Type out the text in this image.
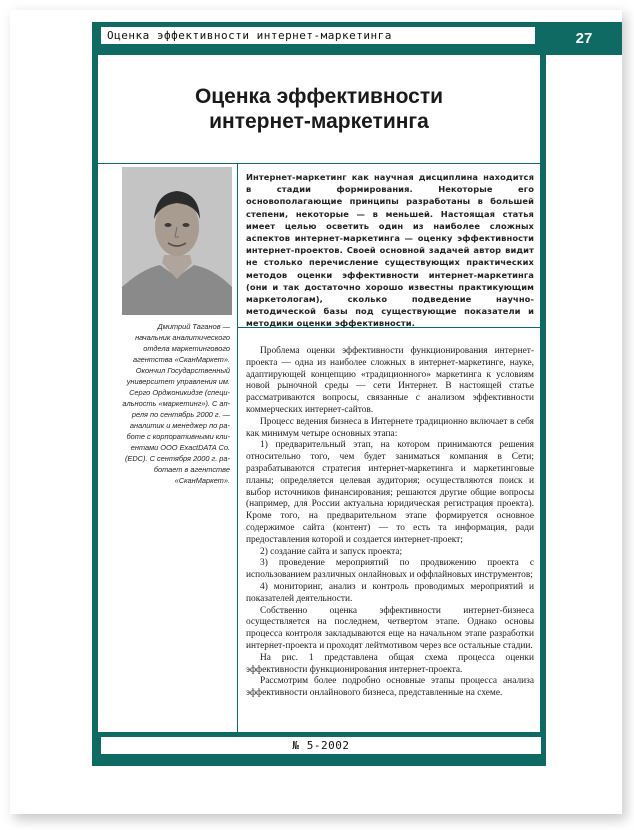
Оценка эффективности интернет-маркетинга	27
Оценка эффективности
интернет-маркетинга

Дмитрий Таганов —

начальник аналитического

отдела маркетингового

агентства «СканМаркет».

Окончил Государственный

университет управления им.

Серго Орджоникидзе (специ-

альность «маркетинг»). С ап-

реля по сентябрь 2000 г. —

аналитик и менеджер по ра-

боте с корпоративными кли-

ентами ООО ExactDATA Co.

(EDC). С сентября 2000 г. ра-

ботает в агентстве

«СканМаркет».

Интернет-маркетинг как научная дисциплина находится в стадии формирования. Некоторые его основополагающие принципы разработаны в большей степени, некоторые — в меньшей. Настоящая статья имеет целью осветить один из наиболее сложных аспектов интернет-маркетинга — оценку эффективности интернет-проектов. Своей основной задачей автор видит не столько перечисление существующих практических методов оценки эффективности интернет-маркетинга (они и так достаточно хорошо известны практикующим маркетологам), сколько подведение научно-методической базы под существующие показатели и методики оценки эффективности.

Проблема оценки эффективности функционирования интернет-проекта — одна из наиболее сложных в интернет-маркетинге, науке, адаптирующей концепцию «традиционного» маркетинга к условиям новой рыночной среды — сети Интернет. В настоящей статье рассматриваются вопросы, связанные с анализом эффективности коммерческих интернет-сайтов.

Процесс ведения бизнеса в Интернете традиционно включает в себя как минимум четыре основных этапа:

1) предварительный этап, на котором принимаются решения относительно того, чем будет заниматься компания в Сети; разрабатываются стратегия интернет-маркетинга и маркетинговые планы; определяется целевая аудитория; осуществляются поиск и выбор источников финансирования; решаются другие общие вопросы (например, для России актуальна юридическая регистрация проекта). Кроме того, на предварительном этапе формируется основное содержимое сайта (контент) — то есть та информация, ради предоставления которой и создается интернет-проект;

2) создание сайта и запуск проекта;

3) проведение мероприятий по продвижению проекта с использованием различных онлайновых и оффлайновых инструментов;

4) мониторинг, анализ и контроль проводимых мероприятий и показателей деятельности.

Собственно оценка эффективности интернет-бизнеса осуществляется на последнем, четвертом этапе. Однако основы процесса контроля закладываются еще на начальном этапе разработки интернет-проекта и проходят лейтмотивом через все остальные стадии.

На рис. 1 представлена общая схема процесса оценки эффективности функционирования интернет-проекта.

Рассмотрим более подробно основные этапы процесса анализа эффективности онлайнового бизнеса, представленные на схеме.

№ 5-2002
